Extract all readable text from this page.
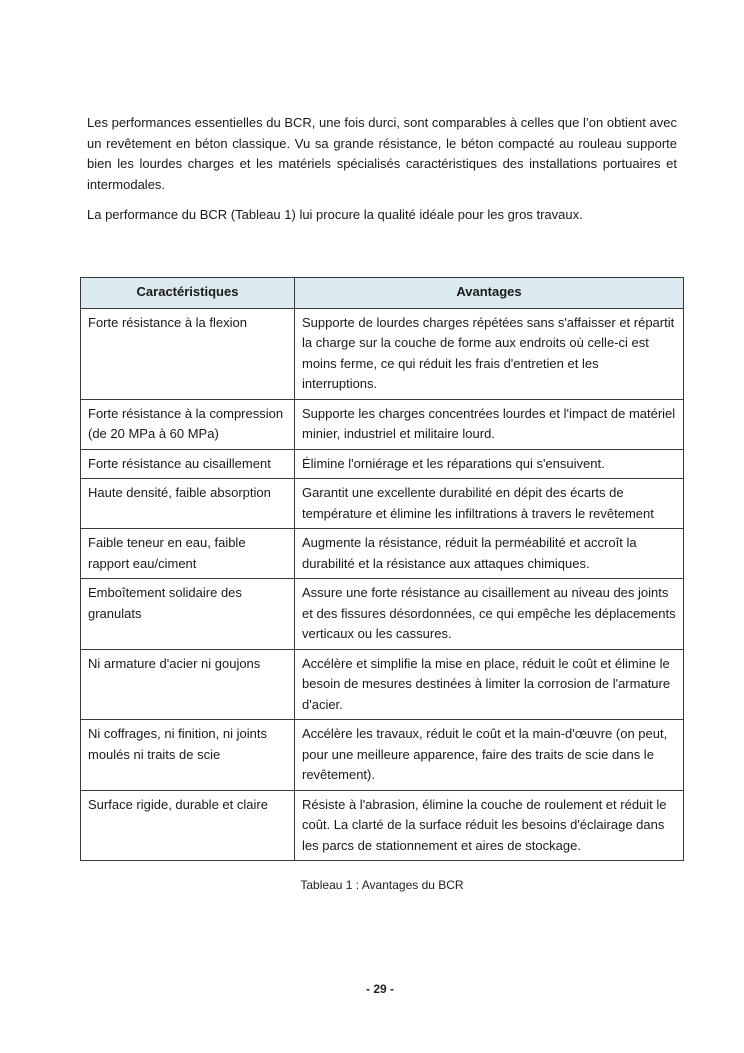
Les performances essentielles du BCR, une fois durci, sont comparables à celles que l’on obtient avec un revêtement en béton classique. Vu sa grande résistance, le béton compacté au rouleau supporte bien les lourdes charges et les matériels spécialisés caractéristiques des installations portuaires et intermodales.

La performance du BCR (Tableau 1) lui procure la qualité idéale pour les gros travaux.

Caractéristiques	Avantages
Forte résistance à la flexion	Supporte de lourdes charges répétées sans s'affaisser et répartit la charge sur la couche de forme aux endroits où celle-ci est moins ferme, ce qui réduit les frais d'entretien et les interruptions.
Forte résistance à la compression (de 20 MPa à 60 MPa)	Supporte les charges concentrées lourdes et l'impact de matériel minier, industriel et militaire lourd.
Forte résistance au cisaillement	Élimine l'orniérage et les réparations qui s'ensuivent.
Haute densité, faible absorption	Garantit une excellente durabilité en dépit des écarts de température et élimine les infiltrations à travers le revêtement
Faible teneur en eau, faible rapport eau/ciment	Augmente la résistance, réduit la perméabilité et accroît la durabilité et la résistance aux attaques chimiques.
Emboîtement solidaire des granulats	Assure une forte résistance au cisaillement au niveau des joints et des fissures désordonnées, ce qui empêche les déplacements verticaux ou les cassures.
Ni armature d'acier ni goujons	Accélère et simplifie la mise en place, réduit le coût et élimine le besoin de mesures destinées à limiter la corrosion de l'armature d'acier.
Ni coffrages, ni finition, ni joints moulés ni traits de scie	Accélère les travaux, réduit le coût et la main-d'œuvre (on peut, pour une meilleure apparence, faire des traits de scie dans le revêtement).
Surface rigide, durable et claire	Résiste à l'abrasion, élimine la couche de roulement et réduit le coût. La clarté de la surface réduit les besoins d'éclairage dans les parcs de stationnement et aires de stockage.
Tableau 1 : Avantages du BCR
- 29 -
